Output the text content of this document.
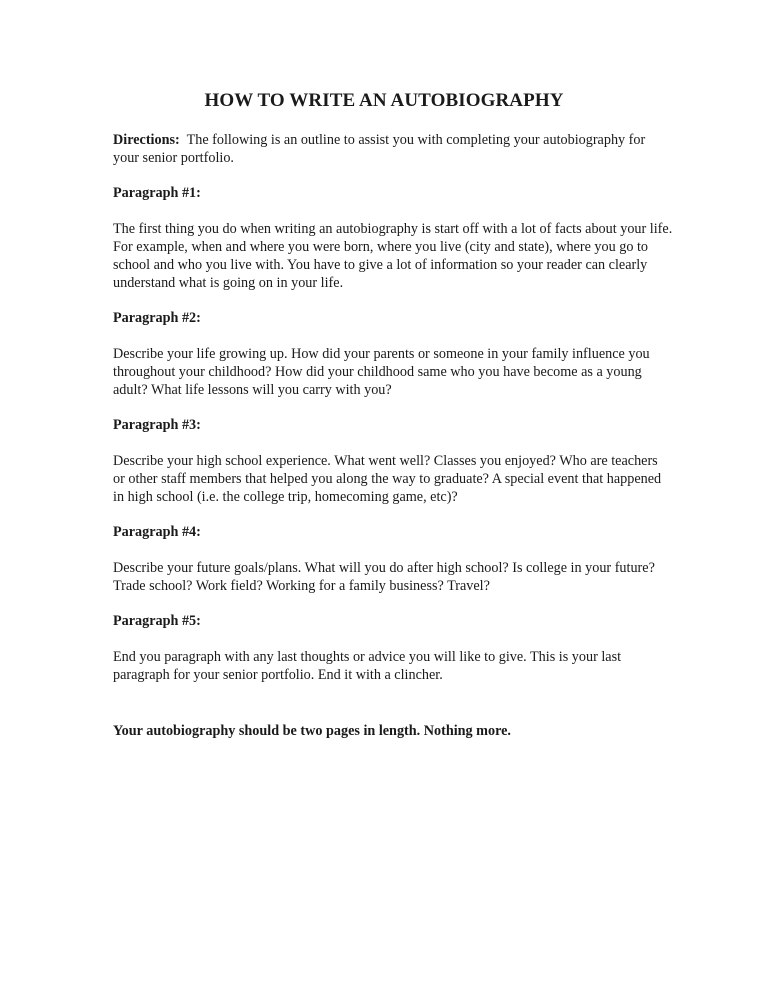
HOW TO WRITE AN AUTOBIOGRAPHY

Directions: The following is an outline to assist you with completing your autobiography for your senior portfolio.

Paragraph #1:

The first thing you do when writing an autobiography is start off with a lot of facts about your life. For example, when and where you were born, where you live (city and state), where you go to school and who you live with. You have to give a lot of information so your reader can clearly understand what is going on in your life.

Paragraph #2:

Describe your life growing up. How did your parents or someone in your family influence you throughout your childhood? How did your childhood same who you have become as a young adult? What life lessons will you carry with you?

Paragraph #3:

Describe your high school experience. What went well? Classes you enjoyed? Who are teachers or other staff members that helped you along the way to graduate? A special event that happened in high school (i.e. the college trip, homecoming game, etc)?

Paragraph #4:

Describe your future goals/plans. What will you do after high school? Is college in your future? Trade school? Work field? Working for a family business? Travel?

Paragraph #5:

End you paragraph with any last thoughts or advice you will like to give. This is your last paragraph for your senior portfolio. End it with a clincher.

Your autobiography should be two pages in length. Nothing more.
